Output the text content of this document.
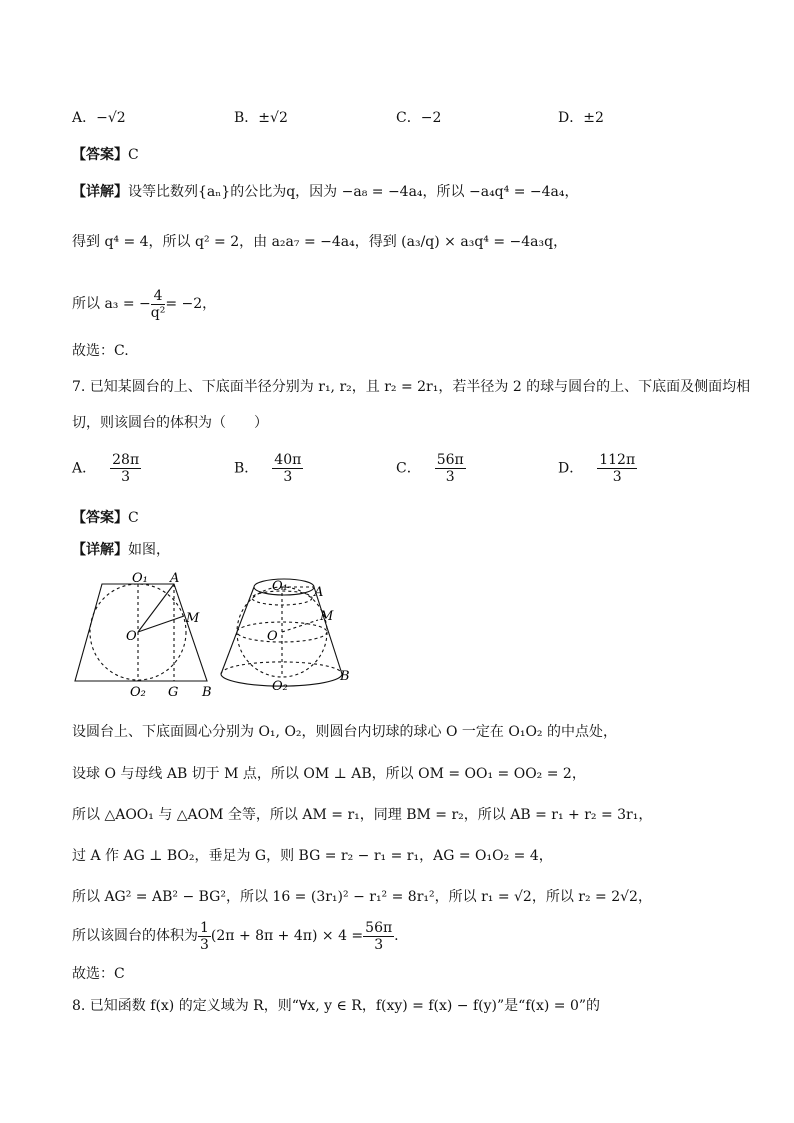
A．−√2	B．±√2	C．−2	D．±2
【答案】C
【详解】设等比数列{aₙ}的公比为q，因为 −a₈ = −4a₄，所以 −a₄q⁴ = −4a₄，
得到 q⁴ = 4，所以 q² = 2，由 a₂a₇ = −4a₄，得到 (a₃/q) × a₃q⁴ = −4a₃q，
所以 a₃ = − $\frac{4}{\text{q²}} = -2$，
故选：C.
7. 已知某圆台的上、下底面半径分别为 r₁, r₂，且 r₂ = 2r₁，若半径为 2 的球与圆台的上、下底面及侧面均相
切，则该圆台的体积为（　　）
A． $\frac{28\pi}{3}$	B． $\frac{40\pi}{3}$	C． $\frac{56\pi}{3}$	D． $\frac{112\pi}{3}$
【答案】C
【详解】如图，
O₁ A
M
O
O₂ G B
O₁ A
M
O
O₂
B
设圆台上、下底面圆心分别为 O₁, O₂，则圆台内切球的球心 O 一定在 O₁O₂ 的中点处，
设球 O 与母线 AB 切于 M 点，所以 OM ⊥ AB，所以 OM = OO₁ = OO₂ = 2，
所以 △AOO₁ 与 △AOM 全等，所以 AM = r₁，同理 BM = r₂，所以 AB = r₁ + r₂ = 3r₁，
过 A 作 AG ⊥ BO₂，垂足为 G，则 BG = r₂ − r₁ = r₁，AG = O₁O₂ = 4，
所以 AG² = AB² − BG²，所以 16 = (3r₁)² − r₁² = 8r₁²，所以 r₁ = √2，所以 r₂ = 2√2，
所以该圆台的体积为 $\frac{1}{3} (2\pi + 8\pi + 4\pi) \times 4 = \frac{56\pi}{3}$ .
故选：C
8. 已知函数 f(x) 的定义域为 R，则“∀x, y ∈ R，f(xy) = f(x) − f(y)”是“f(x) = 0”的
